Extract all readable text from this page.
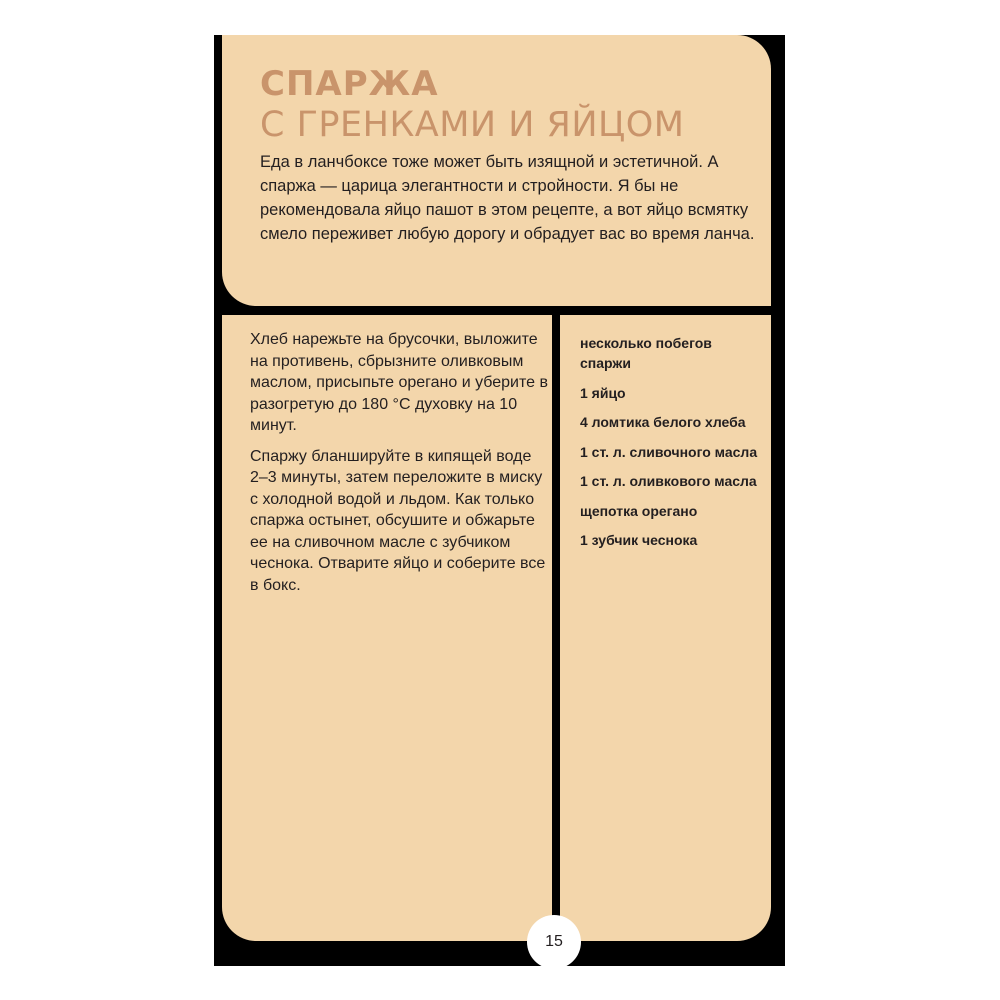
СПАРЖА
С ГРЕНКАМИ И ЯЙЦОМ

Еда в ланчбоксе тоже может быть изящной и эстетичной. А спаржа — царица элегантности и стройности. Я бы не рекомендовала яйцо пашот в этом рецепте, а вот яйцо всмятку смело переживет любую дорогу и обрадует вас во время ланча.

Хлеб нарежьте на брусочки, выложите на противень, сбрызните оливковым маслом, присыпьте орегано и уберите в разогретую до 180 °C духовку на 10 минут.

Спаржу бланшируйте в кипящей воде 2–3 минуты, затем переложите в миску с холодной водой и льдом. Как только спаржа остынет, обсушите и обжарьте ее на сливочном масле с зубчиком чеснока. Отварите яйцо и соберите все в бокс.

несколько побегов спаржи
1 яйцо
4 ломтика белого хлеба
1 ст. л. сливочного масла
1 ст. л. оливкового масла
щепотка орегано
1 зубчик чеснока
15
